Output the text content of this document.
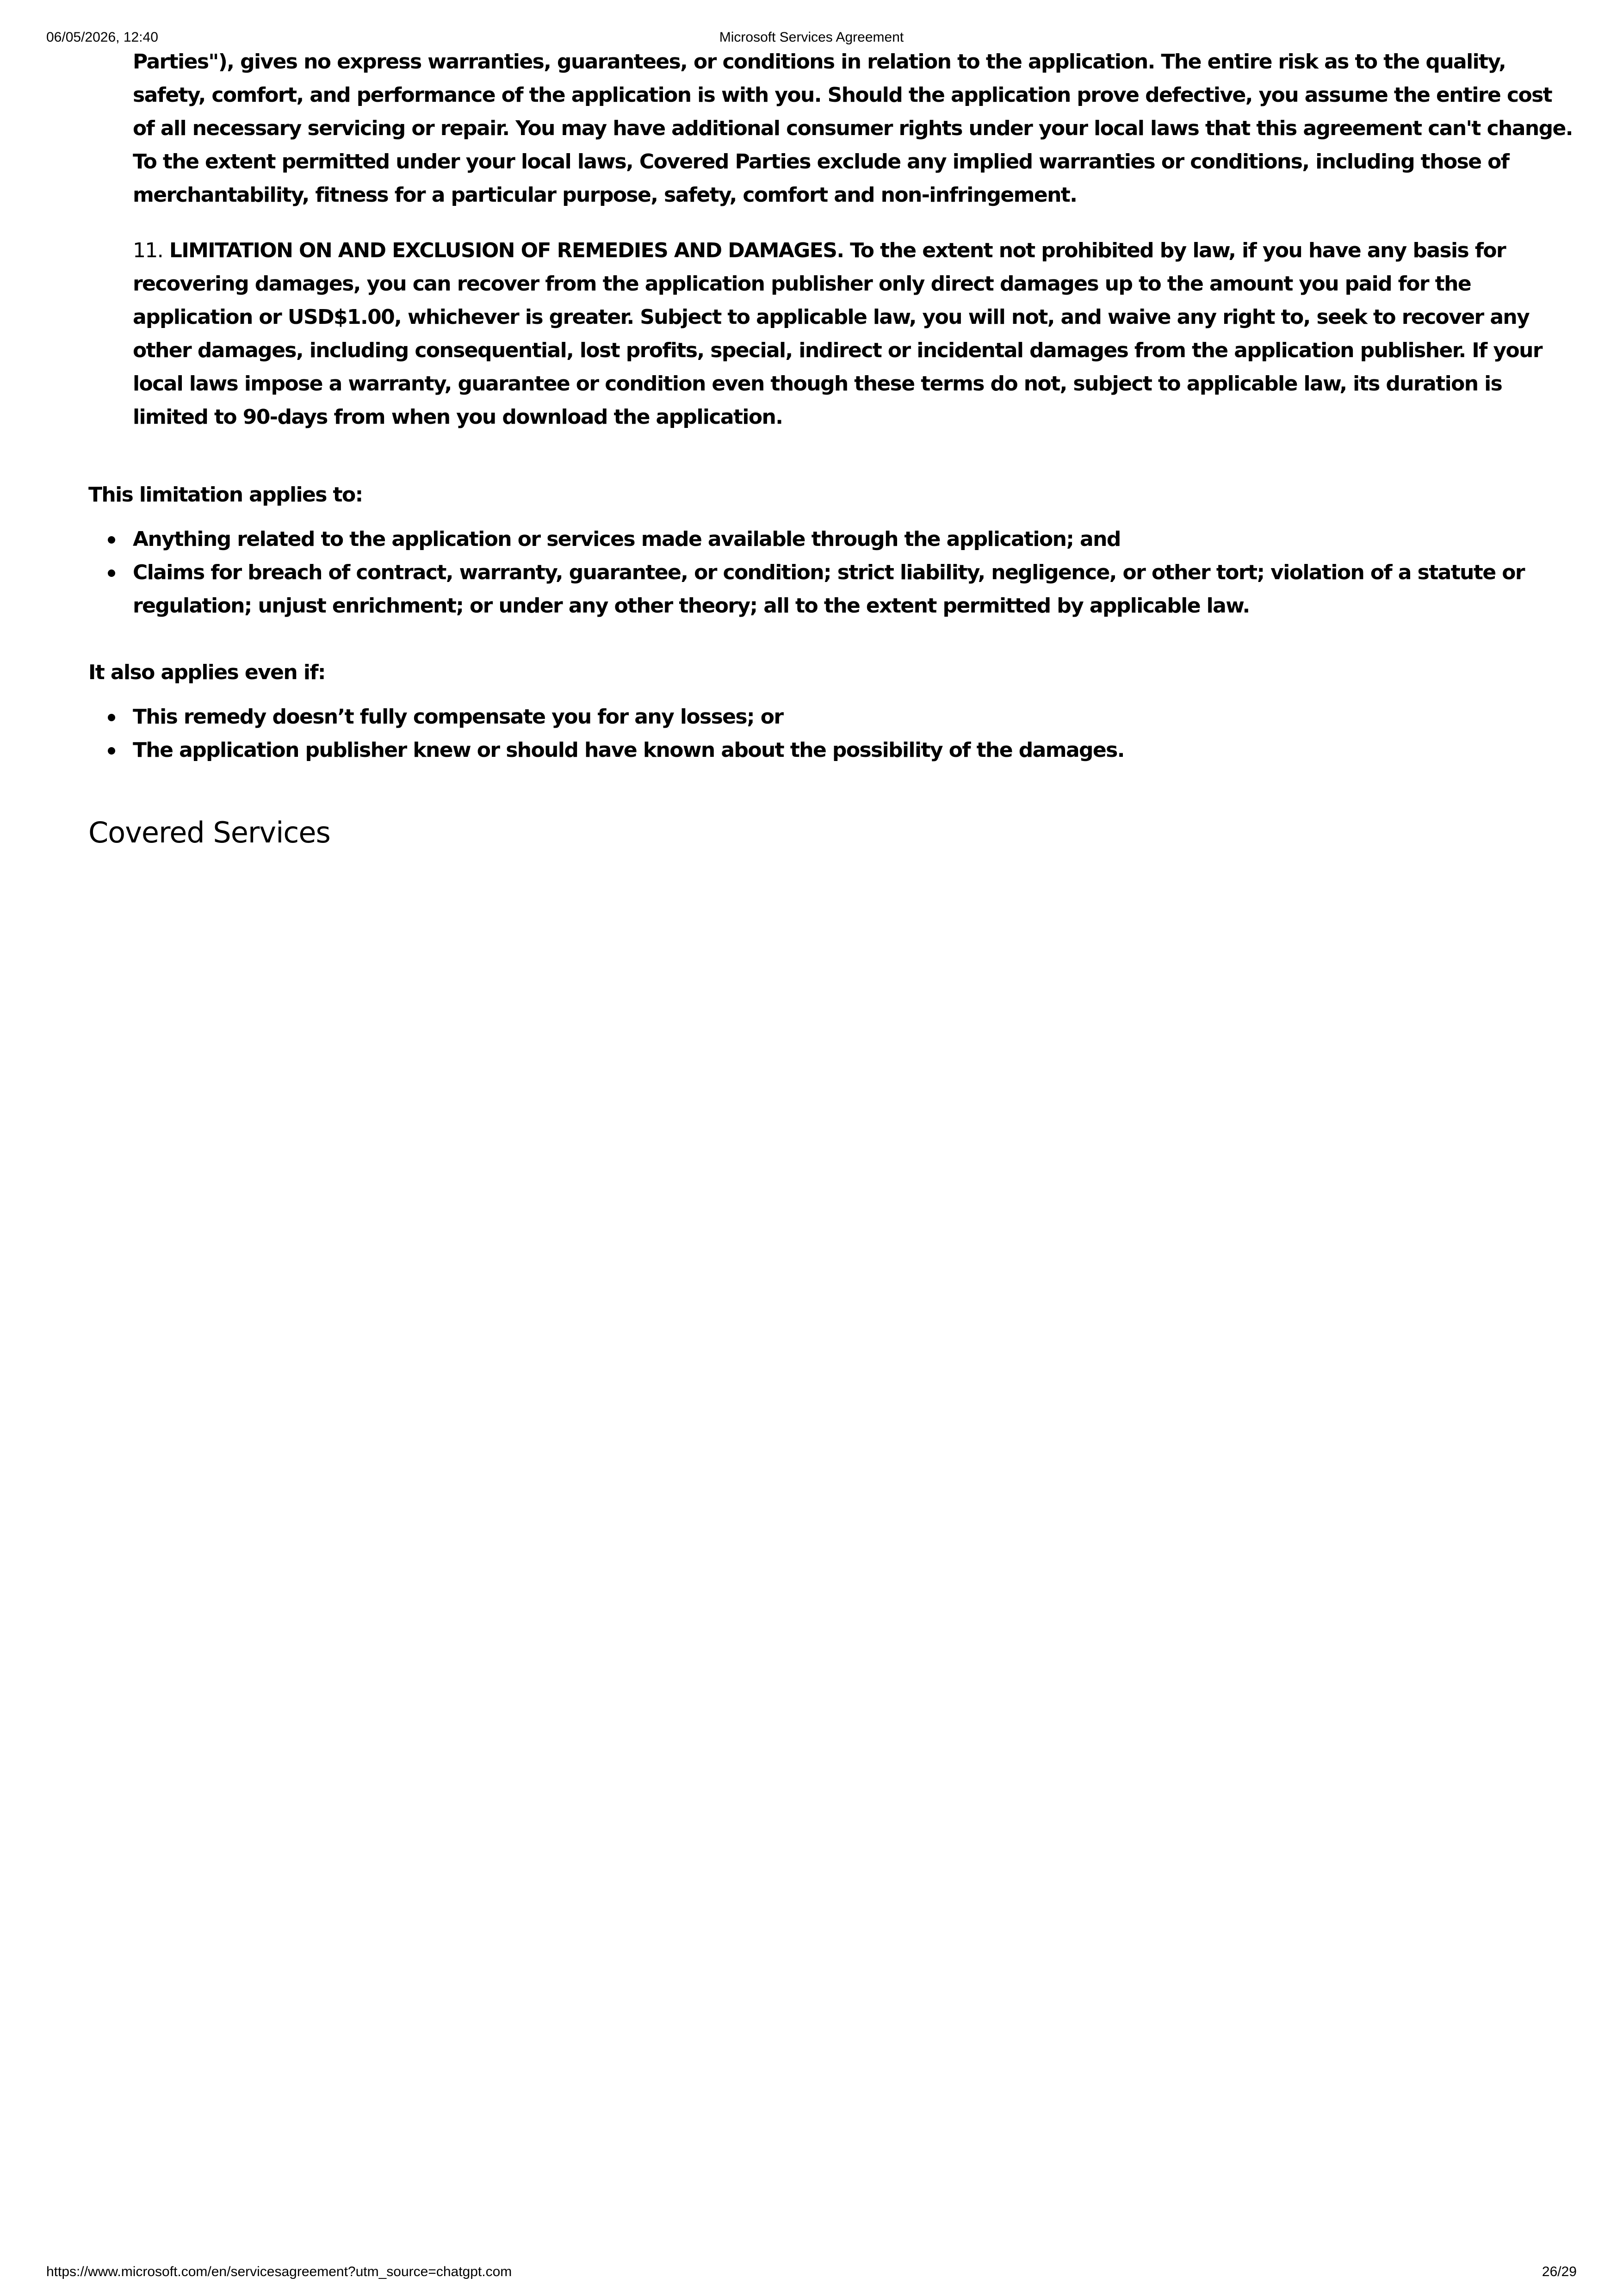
06/05/2026, 12:40	Microsoft Services Agreement

Parties"), gives no express warranties, guarantees, or conditions in relation to the application. The entire risk as to the quality, safety, comfort, and performance of the application is with you. Should the application prove defective, you assume the entire cost of all necessary servicing or repair. You may have additional consumer rights under your local laws that this agreement can't change. To the extent permitted under your local laws, Covered Parties exclude any implied warranties or conditions, including those of merchantability, fitness for a particular purpose, safety, comfort and non-infringement.

11. LIMITATION ON AND EXCLUSION OF REMEDIES AND DAMAGES. To the extent not prohibited by law, if you have any basis for recovering damages, you can recover from the application publisher only direct damages up to the amount you paid for the application or USD$1.00, whichever is greater. Subject to applicable law, you will not, and waive any right to, seek to recover any other damages, including consequential, lost profits, special, indirect or incidental damages from the application publisher. If your local laws impose a warranty, guarantee or condition even though these terms do not, subject to applicable law, its duration is limited to 90-days from when you download the application.

This limitation applies to:

Anything related to the application or services made available through the application; and
Claims for breach of contract, warranty, guarantee, or condition; strict liability, negligence, or other tort; violation of a statute or regulation; unjust enrichment; or under any other theory; all to the extent permitted by applicable law.

It also applies even if:

This remedy doesn’t fully compensate you for any losses; or
The application publisher knew or should have known about the possibility of the damages.
Covered Services
https://www.microsoft.com/en/servicesagreement?utm_source=chatgpt.com	26/29
